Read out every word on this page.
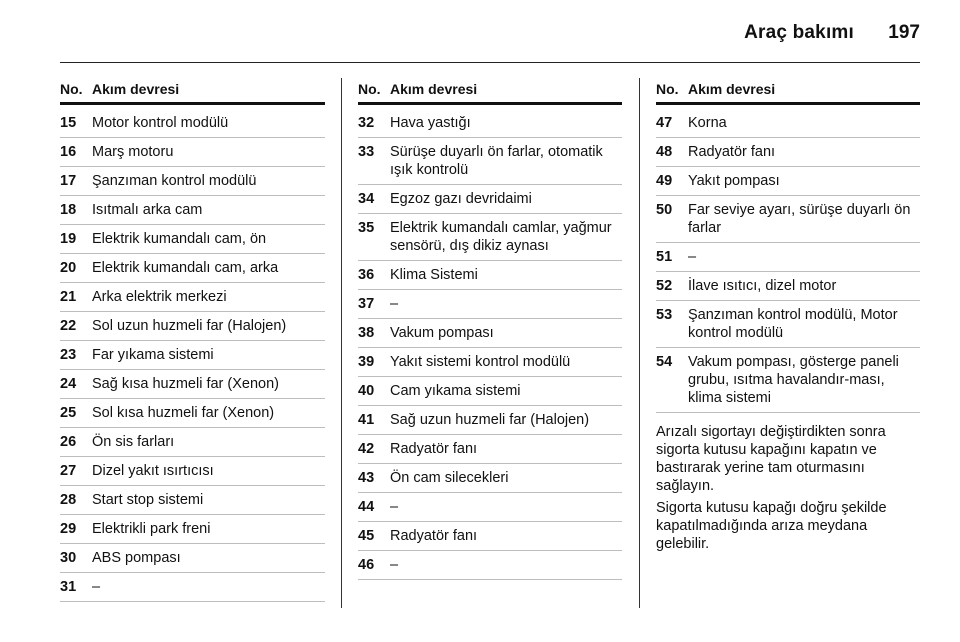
Araç bakımı 197
No. Akım devresi
15	Motor kontrol modülü
16	Marş motoru
17	Şanzıman kontrol modülü
18	Isıtmalı arka cam
19	Elektrik kumandalı cam, ön
20	Elektrik kumandalı cam, arka
21	Arka elektrik merkezi
22	Sol uzun huzmeli far (Halojen)
23	Far yıkama sistemi
24	Sağ kısa huzmeli far (Xenon)
25	Sol kısa huzmeli far (Xenon)
26	Ön sis farları
27	Dizel yakıt ısırtıcısı
28	Start stop sistemi
29	Elektrikli park freni
30	ABS pompası
31	–
No. Akım devresi
32	Hava yastığı
33	Sürüşe duyarlı ön farlar, otomatik ışık kontrolü
34	Egzoz gazı devridaimi
35	Elektrik kumandalı camlar, yağmur sensörü, dış dikiz aynası
36	Klima Sistemi
37	–
38	Vakum pompası
39	Yakıt sistemi kontrol modülü
40	Cam yıkama sistemi
41	Sağ uzun huzmeli far (Halojen)
42	Radyatör fanı
43	Ön cam silecekleri
44	–
45	Radyatör fanı
46	–
No. Akım devresi
47	Korna
48	Radyatör fanı
49	Yakıt pompası
50	Far seviye ayarı, sürüşe duyarlı ön farlar
51	–
52	İlave ısıtıcı, dizel motor
53	Şanzıman kontrol modülü, Motor kontrol modülü
54	Vakum pompası, gösterge paneli grubu, ısıtma havalandır-ması, klima sistemi

Arızalı sigortayı değiştirdikten sonra sigorta kutusu kapağını kapatın ve bastırarak yerine tam oturmasını sağlayın.

Sigorta kutusu kapağı doğru şekilde kapatılmadığında arıza meydana gelebilir.
